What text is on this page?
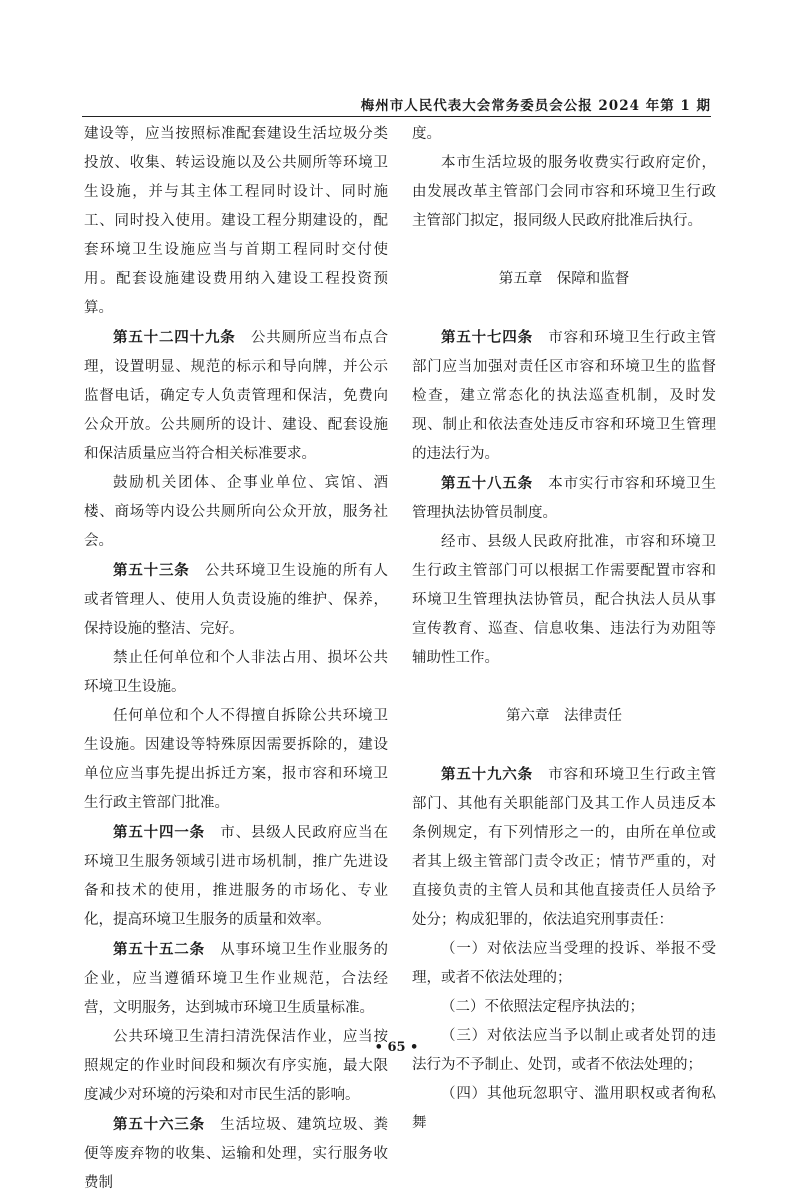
梅州市人民代表大会常务委员会公报 2024 年第 1 期

建设等，应当按照标准配套建设生活垃圾分类投放、收集、转运设施以及公共厕所等环境卫生设施，并与其主体工程同时设计、同时施工、同时投入使用。建设工程分期建设的，配套环境卫生设施应当与首期工程同时交付使用。配套设施建设费用纳入建设工程投资预算。

第五十二四十九条　公共厕所应当布点合理，设置明显、规范的标示和导向牌，并公示监督电话，确定专人负责管理和保洁，免费向公众开放。公共厕所的设计、建设、配套设施和保洁质量应当符合相关标准要求。

鼓励机关团体、企事业单位、宾馆、酒楼、商场等内设公共厕所向公众开放，服务社会。

第五十三条　公共环境卫生设施的所有人或者管理人、使用人负责设施的维护、保养，保持设施的整洁、完好。

禁止任何单位和个人非法占用、损坏公共环境卫生设施。

任何单位和个人不得擅自拆除公共环境卫生设施。因建设等特殊原因需要拆除的，建设单位应当事先提出拆迁方案，报市容和环境卫生行政主管部门批准。

第五十四一条　市、县级人民政府应当在环境卫生服务领域引进市场机制，推广先进设备和技术的使用，推进服务的市场化、专业化，提高环境卫生服务的质量和效率。

第五十五二条　从事环境卫生作业服务的企业，应当遵循环境卫生作业规范，合法经营，文明服务，达到城市环境卫生质量标准。

公共环境卫生清扫清洗保洁作业，应当按照规定的作业时间段和频次有序实施，最大限度减少对环境的污染和对市民生活的影响。

第五十六三条　生活垃圾、建筑垃圾、粪便等废弃物的收集、运输和处理，实行服务收费制

度。

本市生活垃圾的服务收费实行政府定价，由发展改革主管部门会同市容和环境卫生行政主管部门拟定，报同级人民政府批准后执行。

第五章　保障和监督

第五十七四条　市容和环境卫生行政主管部门应当加强对责任区市容和环境卫生的监督检查，建立常态化的执法巡查机制，及时发现、制止和依法查处违反市容和环境卫生管理的违法行为。

第五十八五条　本市实行市容和环境卫生管理执法协管员制度。

经市、县级人民政府批准，市容和环境卫生行政主管部门可以根据工作需要配置市容和环境卫生管理执法协管员，配合执法人员从事宣传教育、巡查、信息收集、违法行为劝阻等辅助性工作。

第六章　法律责任

第五十九六条　市容和环境卫生行政主管部门、其他有关职能部门及其工作人员违反本条例规定，有下列情形之一的，由所在单位或者其上级主管部门责令改正；情节严重的，对直接负责的主管人员和其他直接责任人员给予处分；构成犯罪的，依法追究刑事责任：

（一）对依法应当受理的投诉、举报不受理，或者不依法处理的；

（二）不依照法定程序执法的；

（三）对依法应当予以制止或者处罚的违法行为不予制止、处罚，或者不依法处理的；

（四）其他玩忽职守、滥用职权或者徇私舞

• 65 •
